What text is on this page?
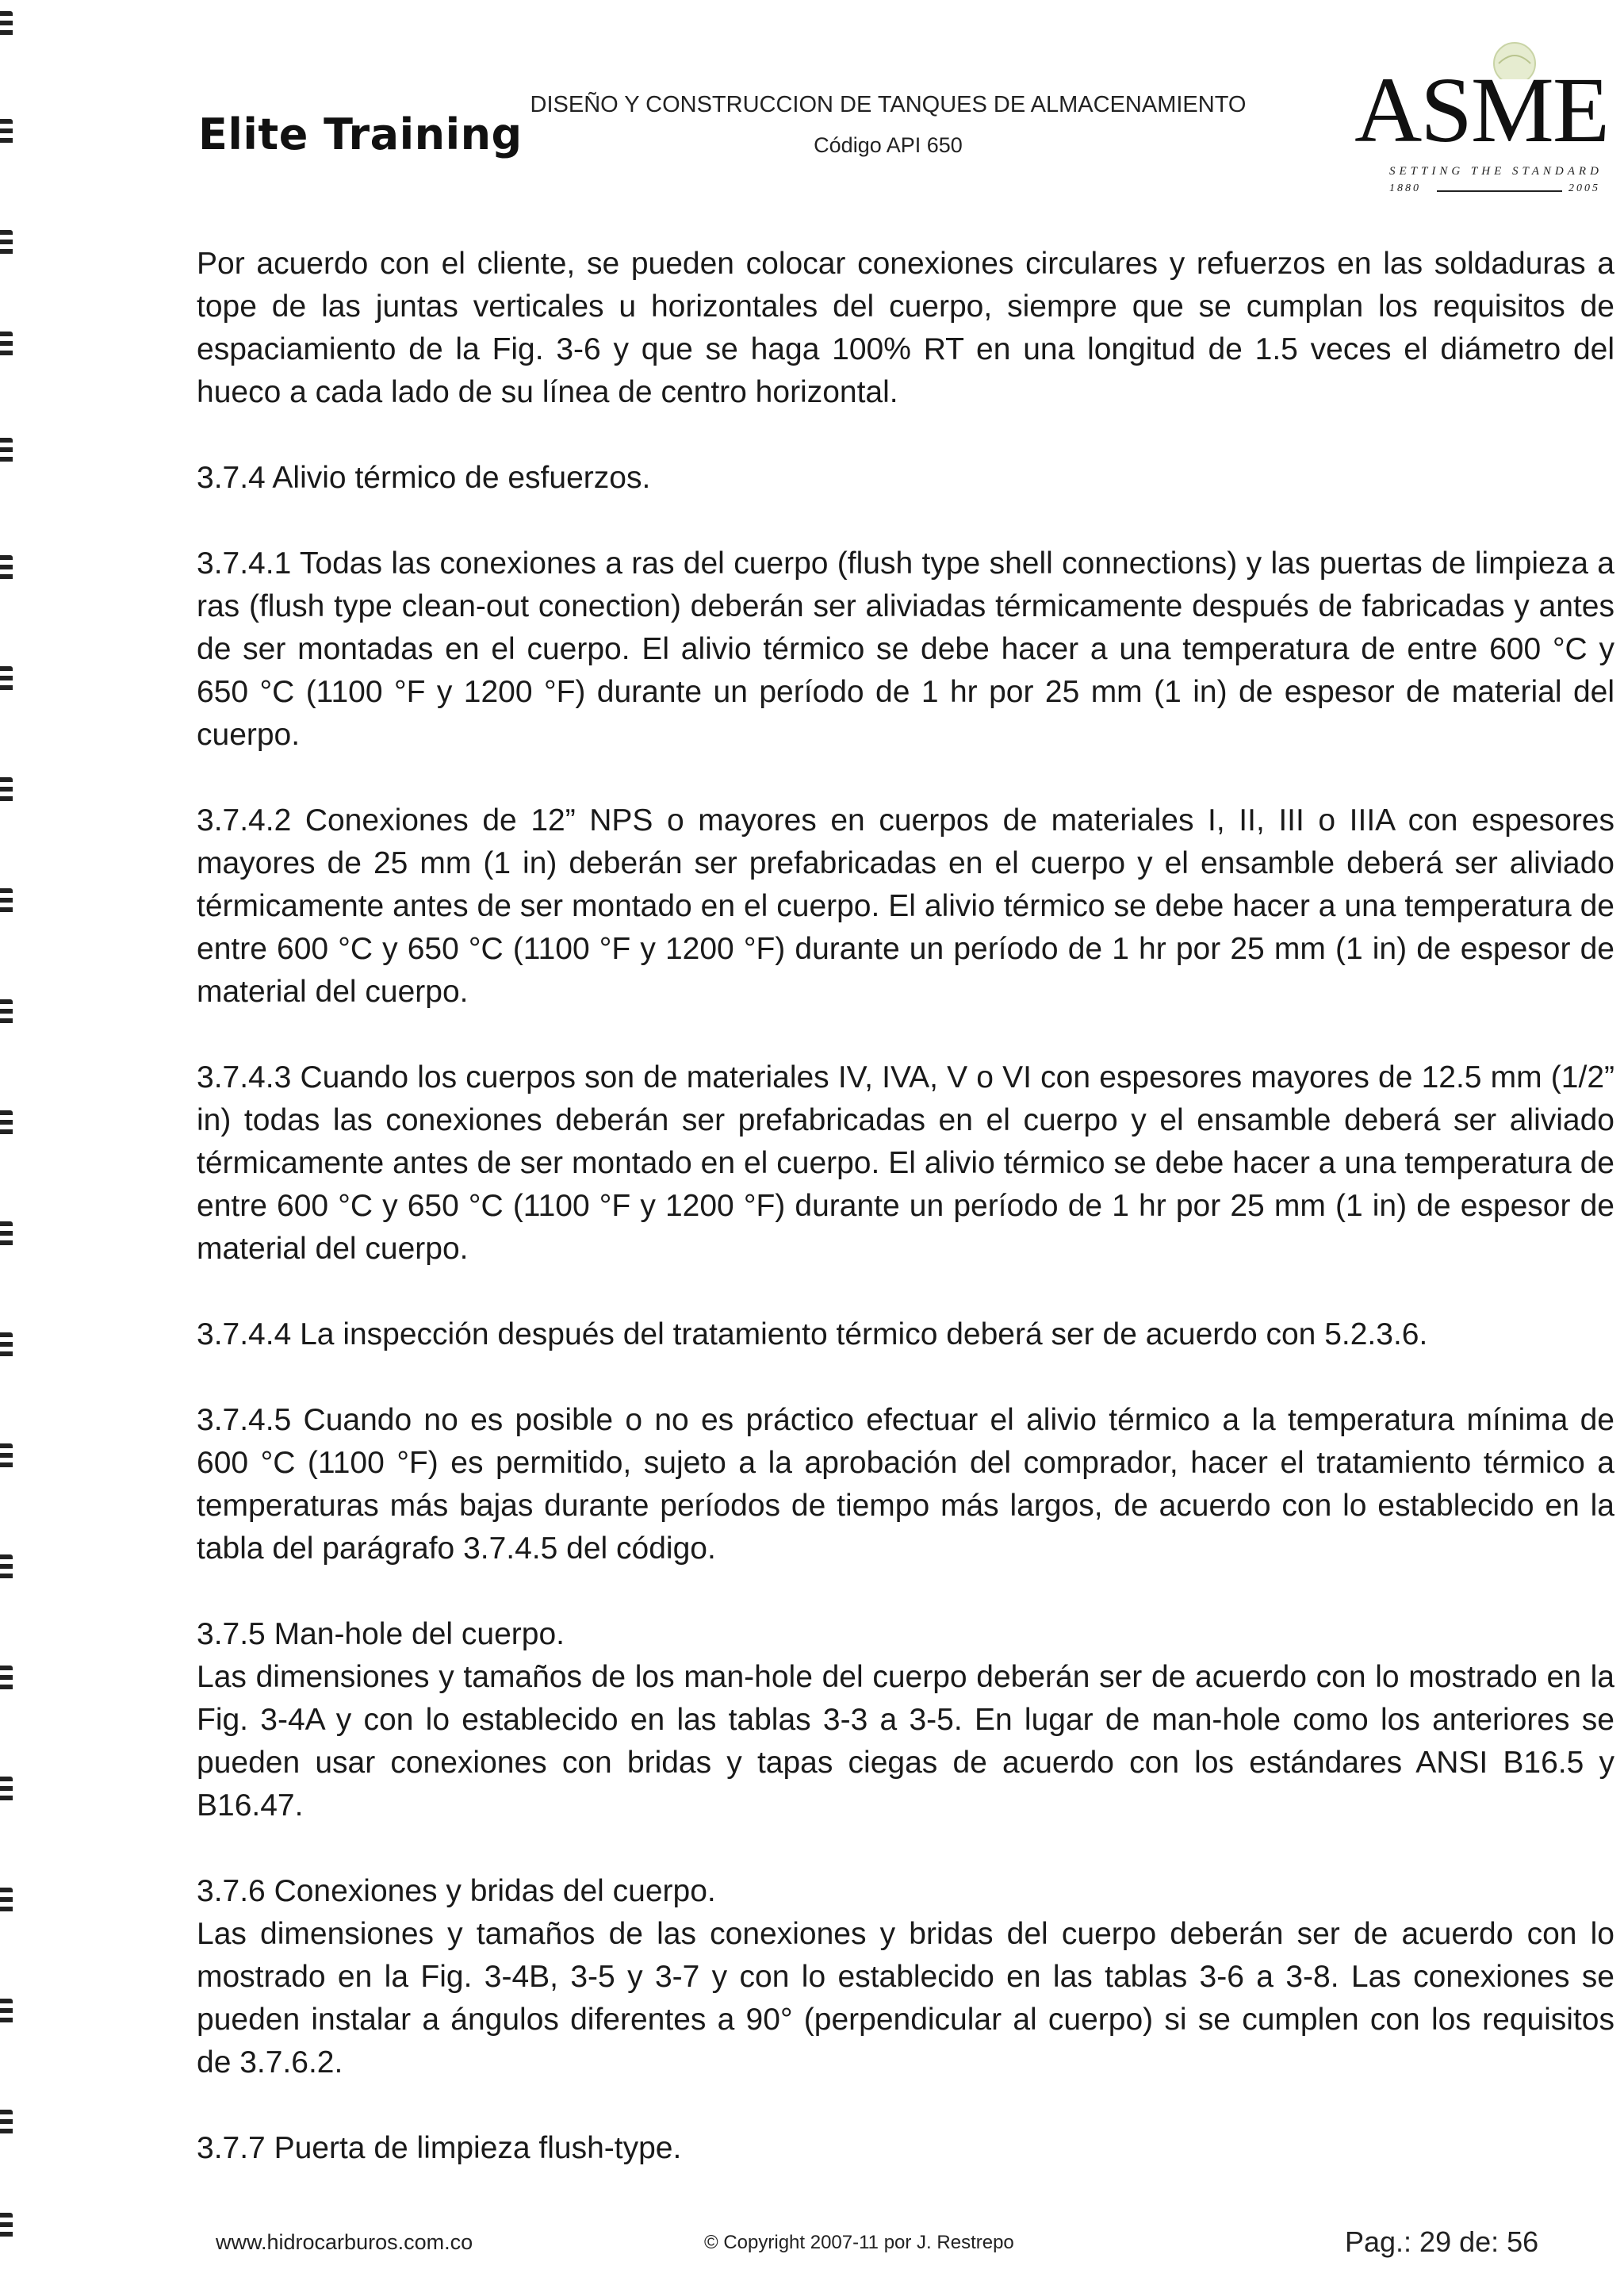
Elite Training
DISEÑO Y CONSTRUCCION DE TANQUES DE ALMACENAMIENTO
Código API 650	ASME
SETTING THE STANDARD
1880	2005

Por acuerdo con el cliente, se pueden colocar conexiones circulares y refuerzos en las soldaduras a tope de las juntas verticales u horizontales del cuerpo, siempre que se cumplan los requisitos de espaciamiento de la Fig. 3-6 y que se haga 100% RT en una longitud de 1.5 veces el diámetro del hueco a cada lado de su línea de centro horizontal.

3.7.4 Alivio térmico de esfuerzos.

3.7.4.1 Todas las conexiones a ras del cuerpo (flush type shell connections) y las puertas de limpieza a ras (flush type clean-out conection) deberán ser aliviadas térmicamente después de fabricadas y antes de ser montadas en el cuerpo. El alivio térmico se debe hacer a una temperatura de entre 600 °C y 650 °C (1100 °F y 1200 °F) durante un período de 1 hr por 25 mm (1 in) de espesor de material del cuerpo.

3.7.4.2 Conexiones de 12” NPS o mayores en cuerpos de materiales I, II, III o IIIA con espesores mayores de 25 mm (1 in) deberán ser prefabricadas en el cuerpo y el ensamble deberá ser aliviado térmicamente antes de ser montado en el cuerpo. El alivio térmico se debe hacer a una temperatura de entre 600 °C y 650 °C (1100 °F y 1200 °F) durante un período de 1 hr por 25 mm (1 in) de espesor de material del cuerpo.

3.7.4.3 Cuando los cuerpos son de materiales IV, IVA, V o VI con espesores mayores de 12.5 mm (1/2” in) todas las conexiones deberán ser prefabricadas en el cuerpo y el ensamble deberá ser aliviado térmicamente antes de ser montado en el cuerpo. El alivio térmico se debe hacer a una temperatura de entre 600 °C y 650 °C (1100 °F y 1200 °F) durante un período de 1 hr por 25 mm (1 in) de espesor de material del cuerpo.

3.7.4.4 La inspección después del tratamiento térmico deberá ser de acuerdo con 5.2.3.6.

3.7.4.5 Cuando no es posible o no es práctico efectuar el alivio térmico a la temperatura mínima de 600 °C (1100 °F) es permitido, sujeto a la aprobación del comprador, hacer el tratamiento térmico a temperaturas más bajas durante períodos de tiempo más largos, de acuerdo con lo establecido en la tabla del parágrafo 3.7.4.5 del código.

3.7.5 Man-hole del cuerpo.

Las dimensiones y tamaños de los man-hole del cuerpo deberán ser de acuerdo con lo mostrado en la Fig. 3-4A y con lo establecido en las tablas 3-3 a 3-5. En lugar de man-hole como los anteriores se pueden usar conexiones con bridas y tapas ciegas de acuerdo con los estándares ANSI B16.5 y B16.47.

3.7.6 Conexiones y bridas del cuerpo.

Las dimensiones y tamaños de las conexiones y bridas del cuerpo deberán ser de acuerdo con lo mostrado en la Fig. 3-4B, 3-5 y 3-7 y con lo establecido en las tablas 3-6 a 3-8. Las conexiones se pueden instalar a ángulos diferentes a 90° (perpendicular al cuerpo) si se cumplen con los requisitos de 3.7.6.2.

3.7.7 Puerta de limpieza flush-type.

www.hidrocarburos.com.co	© Copyright 2007-11 por J. Restrepo	Pag.: 29 de: 56
